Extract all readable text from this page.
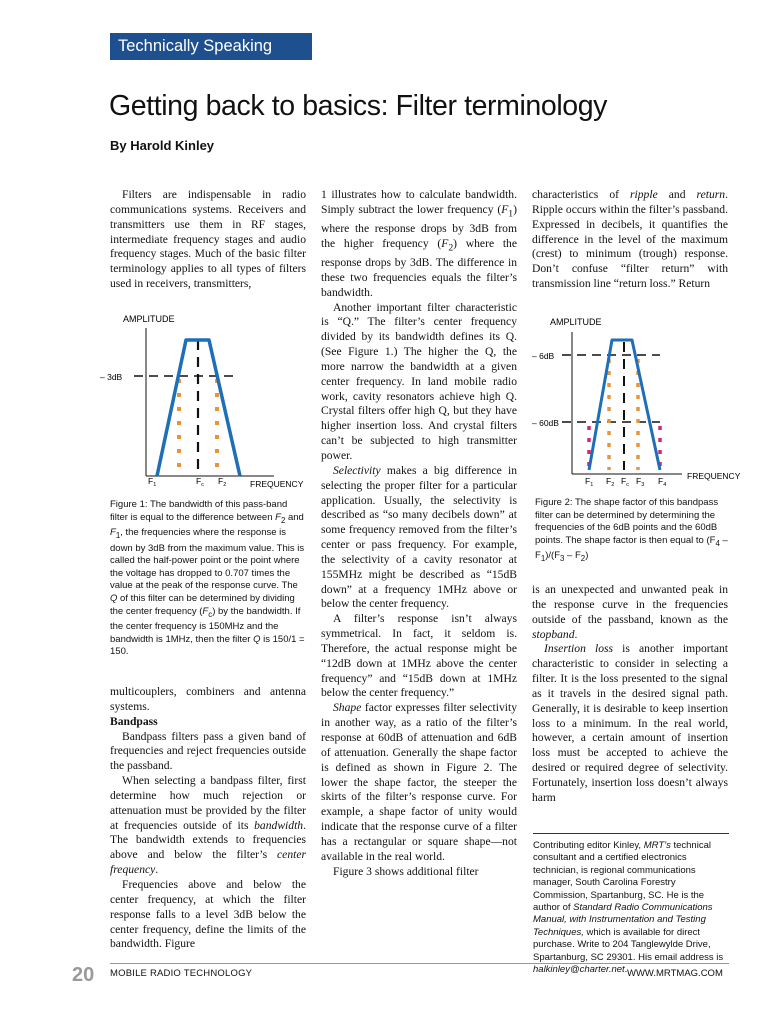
Technically Speaking
Getting back to basics: Filter terminology
By Harold Kinley

Filters are indispensable in radio communications systems. Receivers and transmitters use them in RF stages, intermediate frequency stages and audio frequency stages. Much of the basic filter terminology applies to all types of filters used in receivers, transmitters,

AMPLITUDE
– 3dB
$F_1$	$F_c$ $F_2$	FREQUENCY

Figure 1: The bandwidth of this pass-band filter is equal to the difference between $F_2$ and $F_1$, the frequencies where the response is down by 3dB from the maximum value. This is called the half-power point or the point where the voltage has dropped to 0.707 times the value at the peak of the response curve. The Q of this filter can be determined by dividing the center frequency $(F_c)$ by the bandwidth. If the center frequency is 150MHz and the bandwidth is 1MHz, then the filter Q is 150/1 = 150.

multicouplers, combiners and antenna systems.

Bandpass

Bandpass filters pass a given band of frequencies and reject frequencies outside the passband.

When selecting a bandpass filter, first determine how much rejection or attenuation must be provided by the filter at frequencies outside of its bandwidth. The bandwidth extends to frequencies above and below the filter’s center frequency.

Frequencies above and below the center frequency, at which the filter response falls to a level 3dB below the center frequency, define the limits of the bandwidth. Figure

1 illustrates how to calculate bandwidth. Simply subtract the lower frequency $(F_1)$ where the response drops by 3dB from the higher frequency $(F_2)$ where the response drops by 3dB. The difference in these two frequencies equals the filter’s bandwidth.

Another important filter characteristic is “Q.” The filter’s center frequency divided by its bandwidth defines its Q. (See Figure 1.) The higher the Q, the more narrow the bandwidth at a given center frequency. In land mobile radio work, cavity resonators achieve high Q. Crystal filters offer high Q, but they have higher insertion loss. And crystal filters can’t be subjected to high transmitter power.

Selectivity makes a big difference in selecting the proper filter for a particular application. Usually, the selectivity is described as “so many decibels down” at some frequency removed from the filter’s center or pass frequency. For example, the selectivity of a cavity resonator at 155MHz might be described as “15dB down” at a frequency 1MHz above or below the center frequency.

A filter’s response isn’t always symmetrical. In fact, it seldom is. Therefore, the actual response might be “12dB down at 1MHz above the center frequency” and “15dB down at 1MHz below the center frequency.”

Shape factor expresses filter selectivity in another way, as a ratio of the filter’s response at 60dB of attenuation and 6dB of attenuation. Generally the shape factor is defined as shown in Figure 2. The lower the shape factor, the steeper the skirts of the filter’s response curve. For example, a shape factor of unity would indicate that the response curve of a filter has a rectangular or square shape—not available in the real world.

Figure 3 shows additional filter

characteristics of ripple and return. Ripple occurs within the filter’s passband. Expressed in decibels, it quantifies the difference in the level of the maximum (crest) to minimum (trough) response. Don’t confuse “filter return” with transmission line “return loss.” Return

AMPLITUDE
– 6dB
– 60dB
$F_1$ $F_2$ $F_c$ $F_3$ $F_4$
FREQUENCY

Figure 2: The shape factor of this bandpass filter can be determined by determining the frequencies of the 6dB points and the 60dB points. The shape factor is then equal to $(F_4 - F_1)/(F_3 - F_2)$

is an unexpected and unwanted peak in the response curve in the frequencies outside of the passband, known as the stopband.

Insertion loss is another important characteristic to consider in selecting a filter. It is the loss presented to the signal as it travels in the desired signal path. Generally, it is desirable to keep insertion loss to a minimum. In the real world, however, a certain amount of insertion loss must be accepted to achieve the desired or required degree of selectivity. Fortunately, insertion loss doesn’t always harm

Contributing editor Kinley, MRT’s technical consultant and a certified electronics technician, is regional communications manager, South Carolina Forestry Commission, Spartanburg, SC. He is the author of Standard Radio Communications Manual, with Instrumentation and Testing Techniques, which is available for direct purchase. Write to 204 Tanglewylde Drive, Spartanburg, SC 29301. His email address is halkinley@charter.net.

20 MOBILE RADIO TECHNOLOGY	WWW.MRTMAG.COM
